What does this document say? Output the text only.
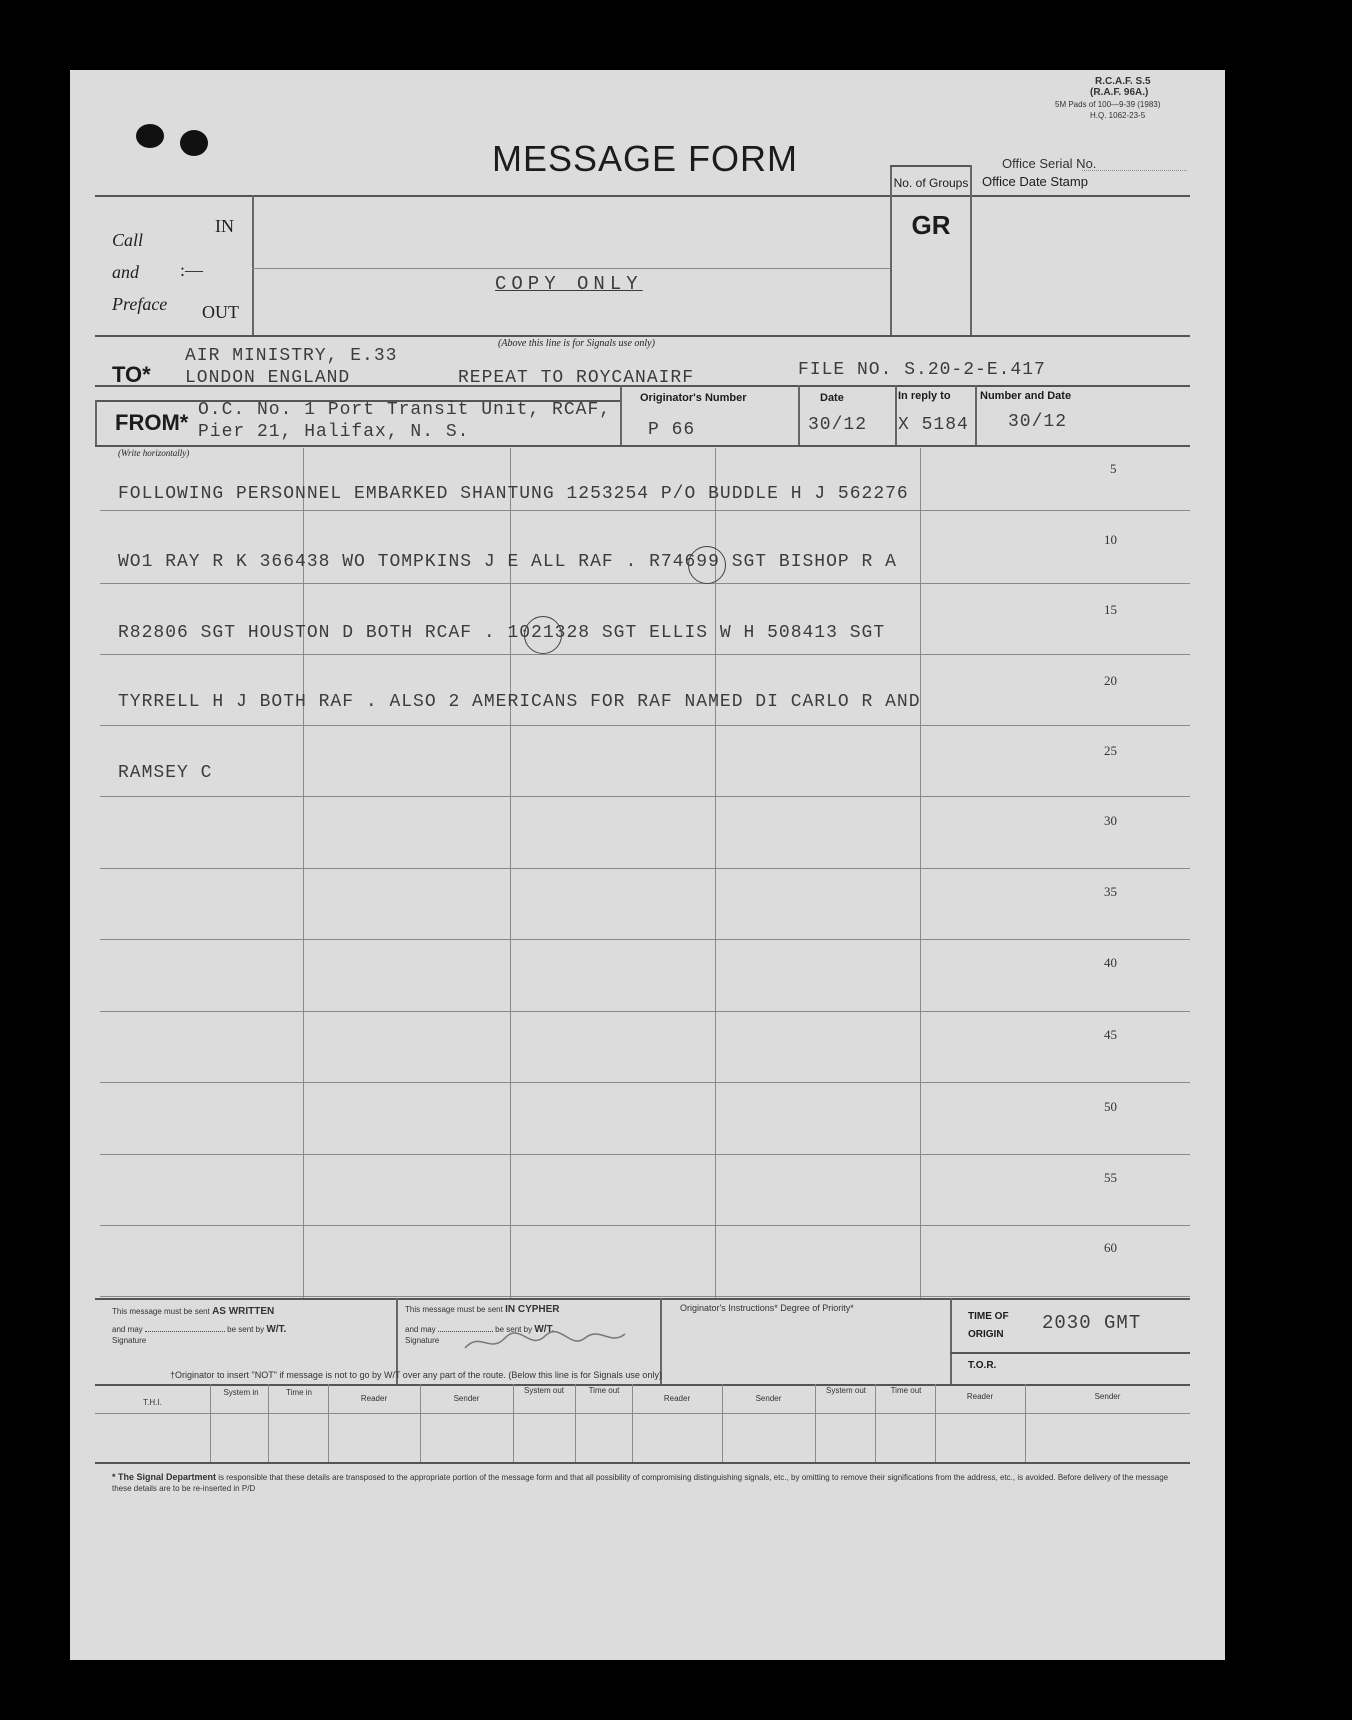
R.C.A.F. S.5
(R.A.F. 96A.)
5M Pads of 100—9-39 (1983)
H.Q. 1062-23-5
MESSAGE FORM	Office Serial No.
Call
and
Preface
IN
:—
OUT
COPY ONLY
No. of Groups
GR
Office Date Stamp
(Above this line is for Signals use only)
TO*
AIR MINISTRY, E.33
LONDON ENGLAND	REPEAT TO ROYCANAIRF	FILE NO. S.20-2-E.417
FROM* O.C. No. 1 Port Transit Unit, RCAF,
Pier 21, Halifax, N. S.
(Write horizontally)
Originator's Number
P 66
Date
30/12
In reply to
X 5184
Number and Date
30/12
FOLLOWING PERSONNEL EMBARKED SHANTUNG 1253254 P/O BUDDLE H J 562276
WO1 RAY R K 366438 WO TOMPKINS J E ALL RAF . R74699 SGT BISHOP R A
R82806 SGT HOUSTON D BOTH RCAF . 1021328 SGT ELLIS W H 508413 SGT
TYRRELL H J BOTH RAF . ALSO 2 AMERICANS FOR RAF NAMED DI CARLO R AND
RAMSEY C
5
10
15
20
25
30
35
40
45
50
55
60
This message must be sent AS WRITTEN
and may	be sent by W/T.
Signature
This message must be sent IN CYPHER
and may	be sent by W/T.
Signature
Originator's Instructions* Degree of Priority*
TIME OF ORIGIN
2030 GMT
T.O.R.
†Originator to insert "NOT" if message is not to go by W/T over any part of the route. (Below this line is for Signals use only)
T.H.I.
System in	Time in
Reader	Sender
System out	Time out
Reader	Sender
System out	Time out
Reader	Sender
* The Signal Department is responsible that these details are transposed to the appropriate portion of the message form and that all possibility of compromising distinguishing signals, etc., by omitting to remove their significations from the address, etc., is avoided. Before delivery of the message these details are to be re-inserted in P/D
